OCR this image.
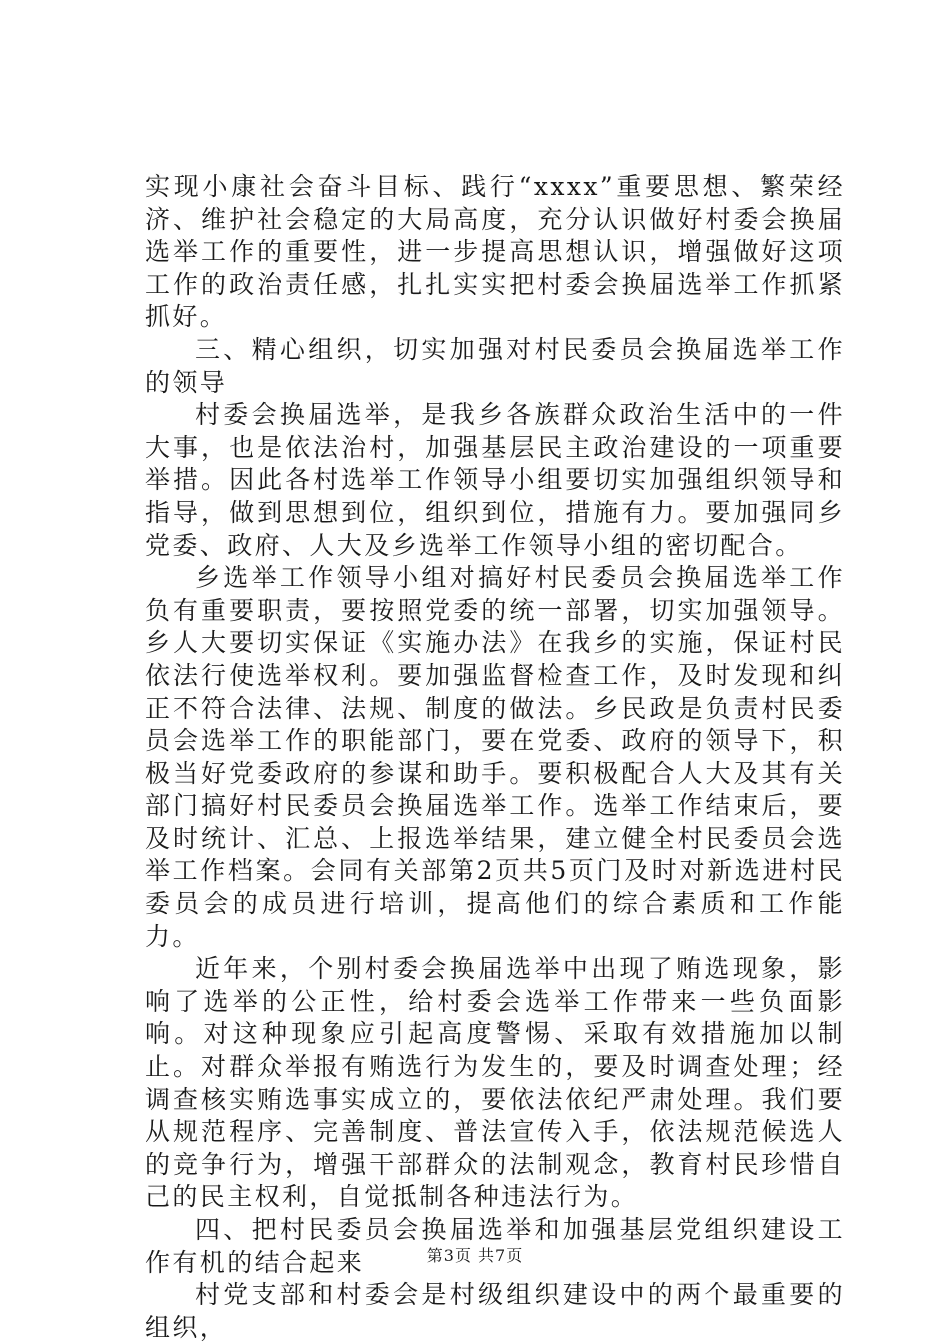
实现小康社会奋斗目标、践行“xxxx”重要思想、繁荣经济、维护社会稳定的大局高度，充分认识做好村委会换届选举工作的重要性，进一步提高思想认识，增强做好这项工作的政治责任感，扎扎实实把村委会换届选举工作抓紧抓好。

三、精心组织，切实加强对村民委员会换届选举工作的领导

村委会换届选举，是我乡各族群众政治生活中的一件大事，也是依法治村，加强基层民主政治建设的一项重要举措。因此各村选举工作领导小组要切实加强组织领导和指导，做到思想到位，组织到位，措施有力。要加强同乡党委、政府、人大及乡选举工作领导小组的密切配合。

乡选举工作领导小组对搞好村民委员会换届选举工作负有重要职责，要按照党委的统一部署，切实加强领导。乡人大要切实保证《实施办法》在我乡的实施，保证村民依法行使选举权利。要加强监督检查工作，及时发现和纠正不符合法律、法规、制度的做法。乡民政是负责村民委员会选举工作的职能部门，要在党委、政府的领导下，积极当好党委政府的参谋和助手。要积极配合人大及其有关部门搞好村民委员会换届选举工作。选举工作结束后，要及时统计、汇总、上报选举结果，建立健全村民委员会选举工作档案。会同有关部第2页共5页门及时对新选进村民委员会的成员进行培训，提高他们的综合素质和工作能力。

近年来，个别村委会换届选举中出现了贿选现象，影响了选举的公正性，给村委会选举工作带来一些负面影响。对这种现象应引起高度警惕、采取有效措施加以制止。对群众举报有贿选行为发生的，要及时调查处理；经调查核实贿选事实成立的，要依法依纪严肃处理。我们要从规范程序、完善制度、普法宣传入手，依法规范候选人的竞争行为，增强干部群众的法制观念，教育村民珍惜自己的民主权利，自觉抵制各种违法行为。

四、把村民委员会换届选举和加强基层党组织建设工作有机的结合起来

村党支部和村委会是村级组织建设中的两个最重要的组织，

第3页 共7页
